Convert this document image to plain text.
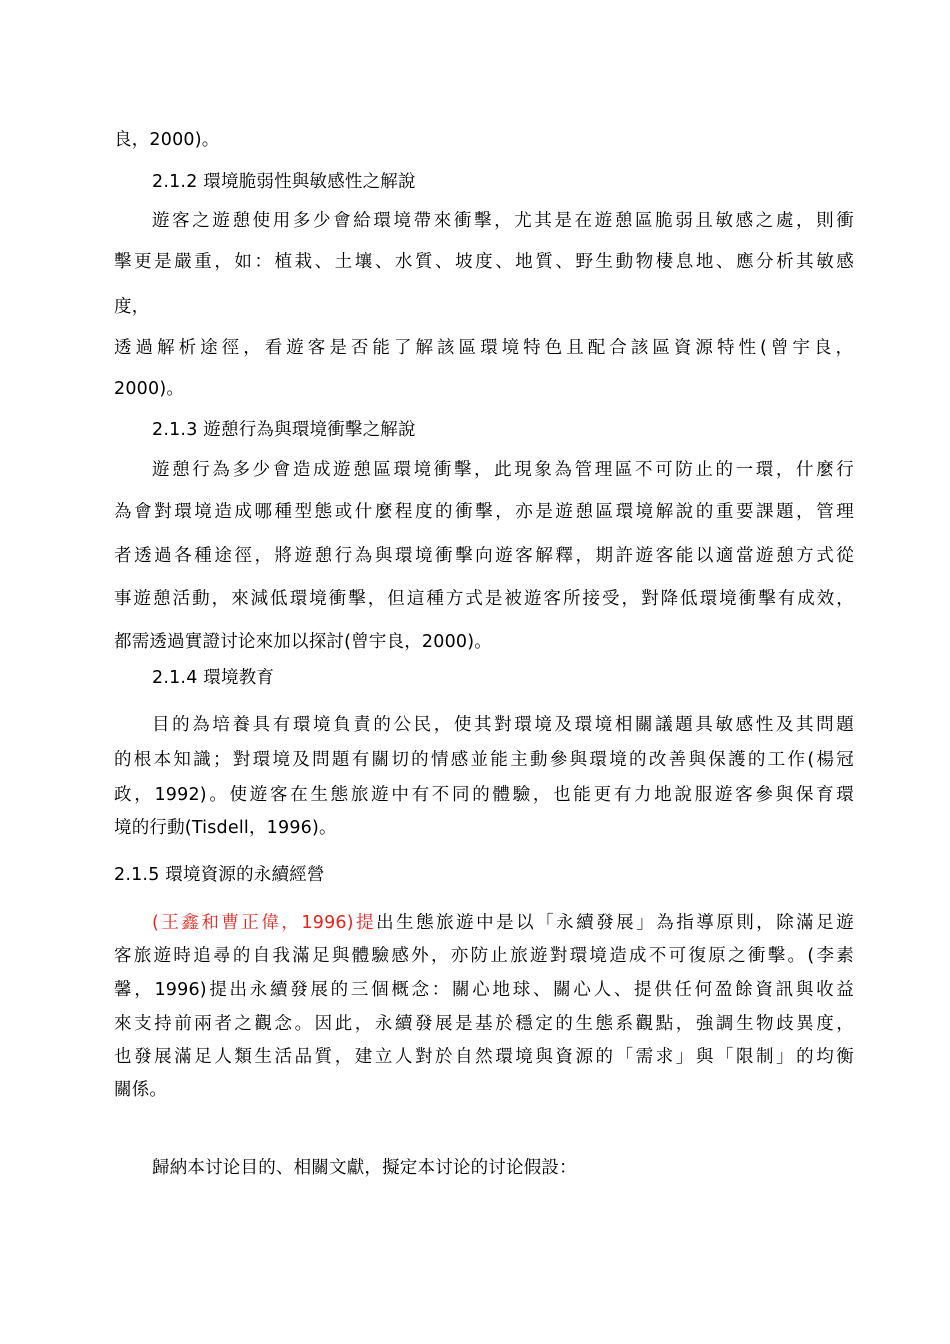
良，2000)。
2.1.2 環境脆弱性與敏感性之解說
遊客之遊憩使用多少會給環境帶來衝擊，尤其是在遊憩區脆弱且敏感之處，則衝
擊更是嚴重，如：植栽、土壤、水質、坡度、地質、野生動物棲息地、應分析其敏感
度，
透過解析途徑，看遊客是否能了解該區環境特色且配合該區資源特性(曾宇良，
2000)。
2.1.3 遊憩行為與環境衝擊之解說
遊憩行為多少會造成遊憩區環境衝擊，此現象為管理區不可防止的一環，什麼行
為會對環境造成哪種型態或什麼程度的衝擊，亦是遊憩區環境解說的重要課題，管理
者透過各種途徑，將遊憩行為與環境衝擊向遊客解釋，期許遊客能以適當遊憩方式從
事遊憩活動，來減低環境衝擊，但這種方式是被遊客所接受，對降低環境衝擊有成效，
都需透過實證讨论來加以探討(曾宇良，2000)。
2.1.4 環境教育
目的為培養具有環境負責的公民，使其對環境及環境相關議題具敏感性及其問題
的根本知識；對環境及問題有關切的情感並能主動參與環境的改善與保護的工作(楊冠
政，1992)。使遊客在生態旅遊中有不同的體驗，也能更有力地說服遊客參與保育環
境的行動(Tisdell，1996)。
2.1.5 環境資源的永續經營
(王鑫和曹正偉，1996)提出生態旅遊中是以「永續發展」為指導原則，除滿足遊
客旅遊時追尋的自我滿足與體驗感外，亦防止旅遊對環境造成不可復原之衝擊。(李素
馨，1996)提出永續發展的三個概念：關心地球、關心人、提供任何盈餘資訊與收益
來支持前兩者之觀念。因此，永續發展是基於穩定的生態系觀點，強調生物歧異度，
也發展滿足人類生活品質，建立人對於自然環境與資源的「需求」與「限制」的均衡
關係。
歸納本讨论目的、相關文獻，擬定本讨论的讨论假設：
